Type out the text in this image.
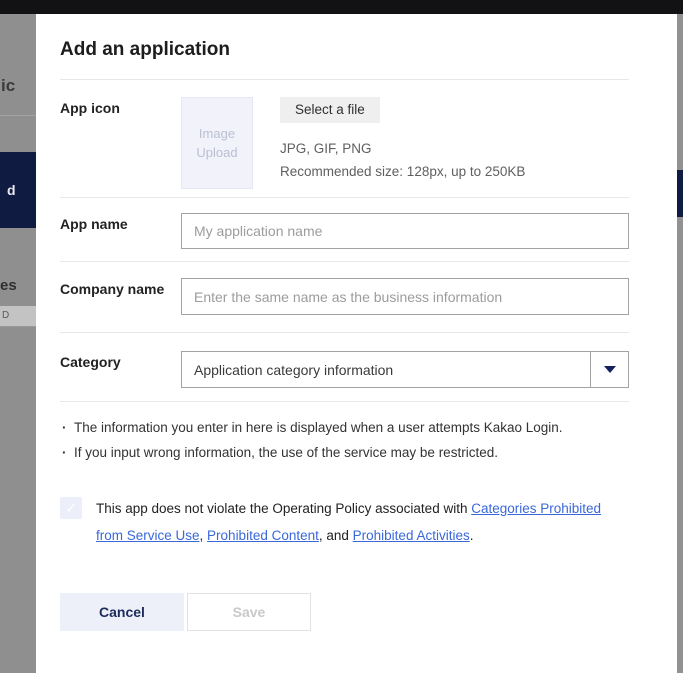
ic
d
es
D
Add an application
App icon
Image Upload
Select a file
JPG, GIF, PNG
Recommended size: 128px, up to 250KB
App name
My application name
Company name
Enter the same name as the business information
Category	Application category information
· The information you enter in here is displayed when a user attempts Kakao Login.
· If you input wrong information, the use of the service may be restricted.
✓ This app does not violate the Operating Policy associated with Categories Prohibited from Service Use, Prohibited Content, and Prohibited Activities.
Cancel	Save
